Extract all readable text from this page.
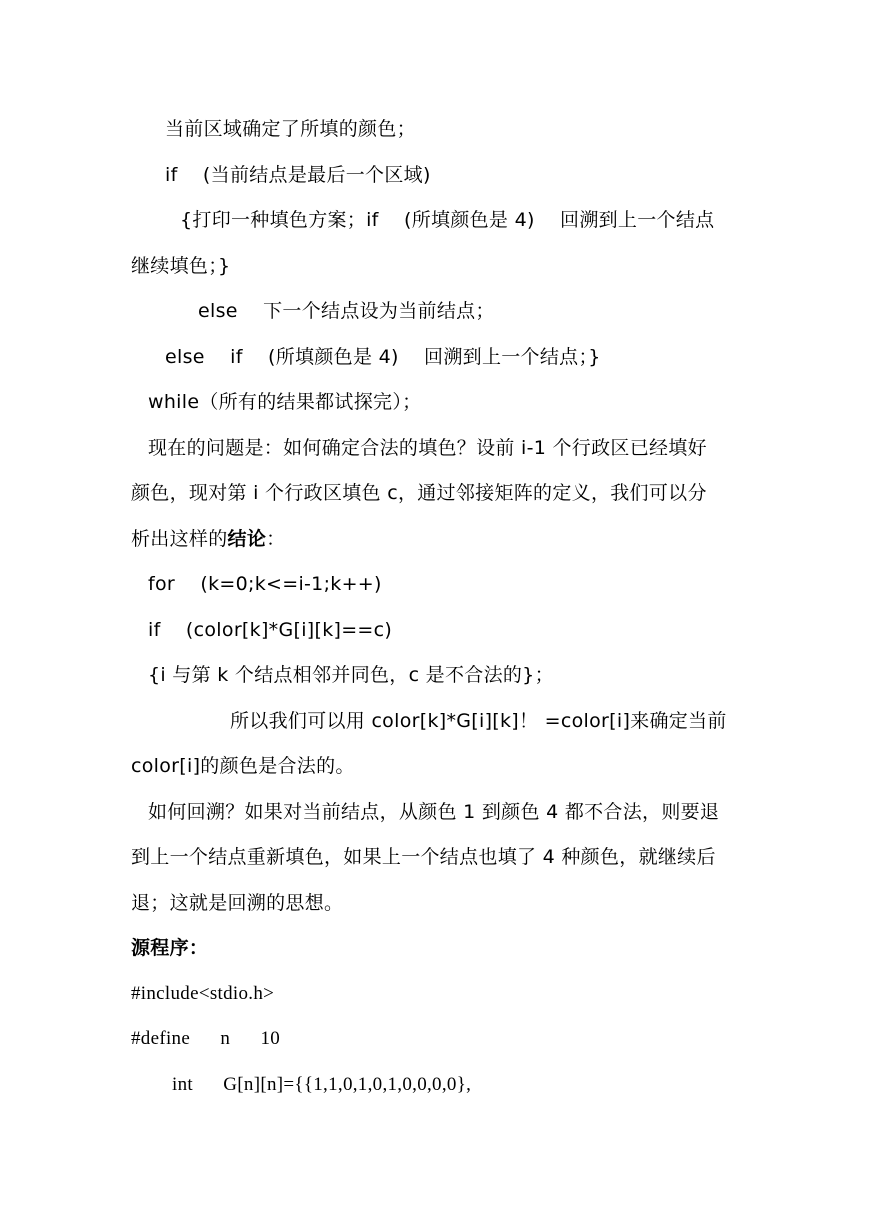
当前区域确定了所填的颜色；
if    (当前结点是最后一个区域)
{打印一种填色方案；if    (所填颜色是 4)    回溯到上一个结点
继续填色；}
else    下一个结点设为当前结点；
else    if    (所填颜色是 4)    回溯到上一个结点；}
while（所有的结果都试探完）；
现在的问题是：如何确定合法的填色？设前 i-1 个行政区已经填好
颜色，现对第 i 个行政区填色 c，通过邻接矩阵的定义，我们可以分
析出这样的结论：
for    (k=0;k<=i-1;k++)
if    (color[k]*G[i][k]==c)
{i 与第 k 个结点相邻并同色，c 是不合法的}；
所以我们可以用 color[k]*G[i][k]！ =color[i]来确定当前
color[i]的颜色是合法的。
如何回溯？如果对当前结点，从颜色 1 到颜色 4 都不合法，则要退
到上一个结点重新填色，如果上一个结点也填了 4 种颜色，就继续后
退；这就是回溯的思想。
源程序：
#include<stdio.h>
#define      n      10
int      G[n][n]={{1,1,0,1,0,1,0,0,0,0},
